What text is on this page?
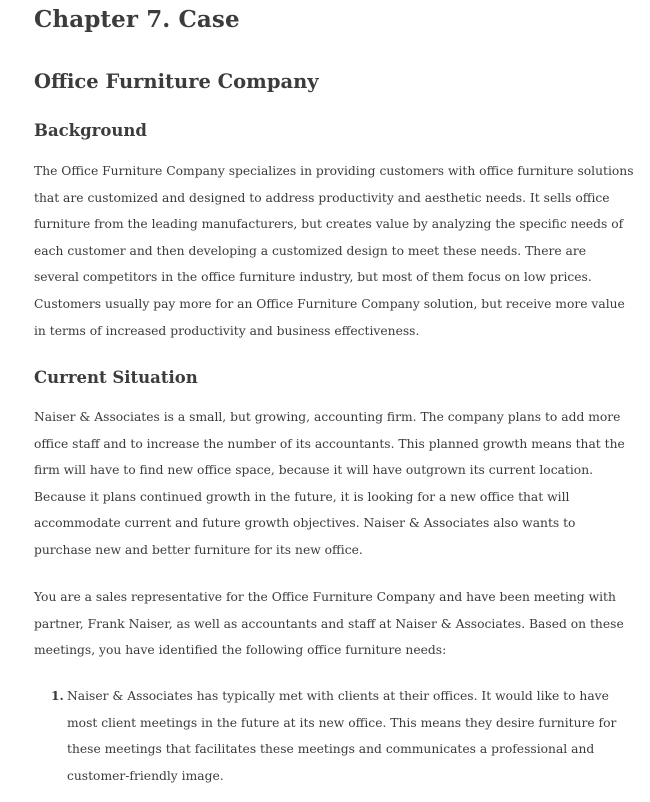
Chapter 7. Case
Office Furniture Company
Background

The Office Furniture Company specializes in providing customers with office furniture solutions that are customized and designed to address productivity and aesthetic needs. It sells office furniture from the leading manufacturers, but creates value by analyzing the specific needs of each customer and then developing a customized design to meet these needs. There are several competitors in the office furniture industry, but most of them focus on low prices. Customers usually pay more for an Office Furniture Company solution, but receive more value in terms of increased productivity and business effectiveness.

Current Situation

Naiser & Associates is a small, but growing, accounting firm. The company plans to add more office staff and to increase the number of its accountants. This planned growth means that the firm will have to find new office space, because it will have outgrown its current location. Because it plans continued growth in the future, it is looking for a new office that will accommodate current and future growth objectives. Naiser & Associates also wants to purchase new and better furniture for its new office.

You are a sales representative for the Office Furniture Company and have been meeting with partner, Frank Naiser, as well as accountants and staff at Naiser & Associates. Based on these meetings, you have identified the following office furniture needs:

1. Naiser & Associates has typically met with clients at their offices. It would like to have most client meetings in the future at its new office. This means they desire furniture for these meetings that facilitates these meetings and communicates a professional and customer-friendly image.
